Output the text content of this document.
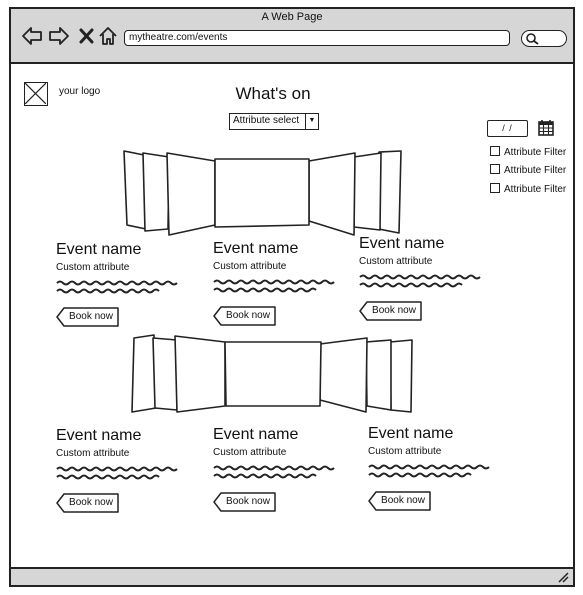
A Web Page
mytheatre.com/events
your logo	What's on
Attribute select	▼
/ /
Attribute Filter
Attribute Filter
Attribute Filter
Event name
Custom attribute
Book now
Event name
Custom attribute
Book now
Event name
Custom attribute
Book now
Event name
Custom attribute
Book now
Event name
Custom attribute
Book now
Event name
Custom attribute
Book now
